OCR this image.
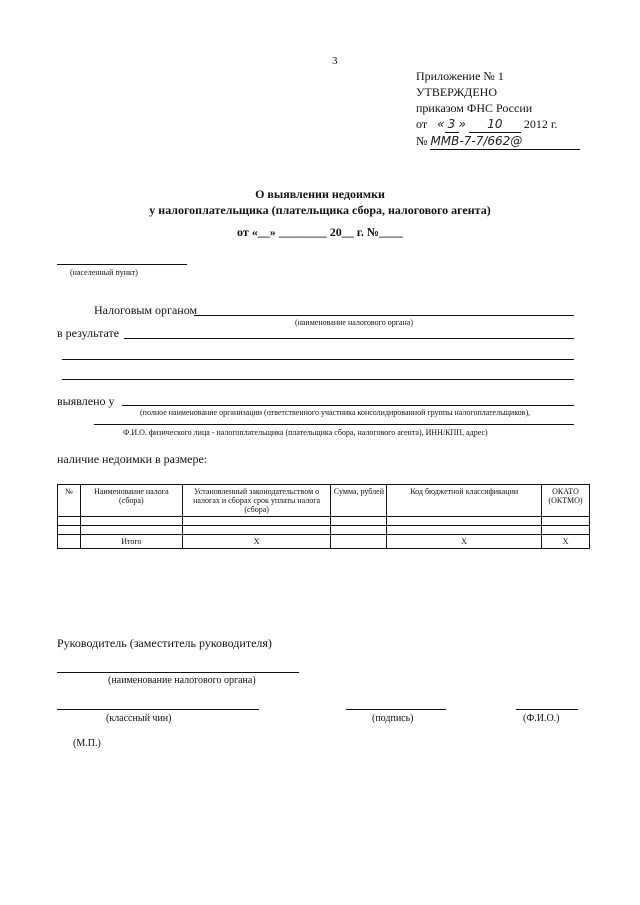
3
Приложение № 1
УТВЕРЖДЕНО
приказом ФНС России
от « 3 » 10 2012 г.
№ ММВ-7-7/662@
О выявлении недоимки
у налогоплательщика (плательщика сбора, налогового агента)
от «__» ________ 20__ г. №____
(населенный пункт)
Налоговым органом
(наименование налогового органа)
в результате
выявлено у
(полное наименование организации (ответственного участника консолидированной группы налогоплательщиков),
Ф.И.О. физического лица - налогоплательщика (плательщика сбора, налогового агента), ИНН/КПП, адрес)
наличие недоимки в размере:
№	Наименование налога (сбора)	Установленный законодательством о налогах и сборах срок уплаты налога (сбора)	Сумма, рублей	Код бюджетной классификации	ОКАТО (ОКТМО)

	Итого	Х		Х	Х
Руководитель (заместитель руководителя)
(наименование налогового органа)
(классный чин)	(подпись)	(Ф.И.О.)
(М.П.)
